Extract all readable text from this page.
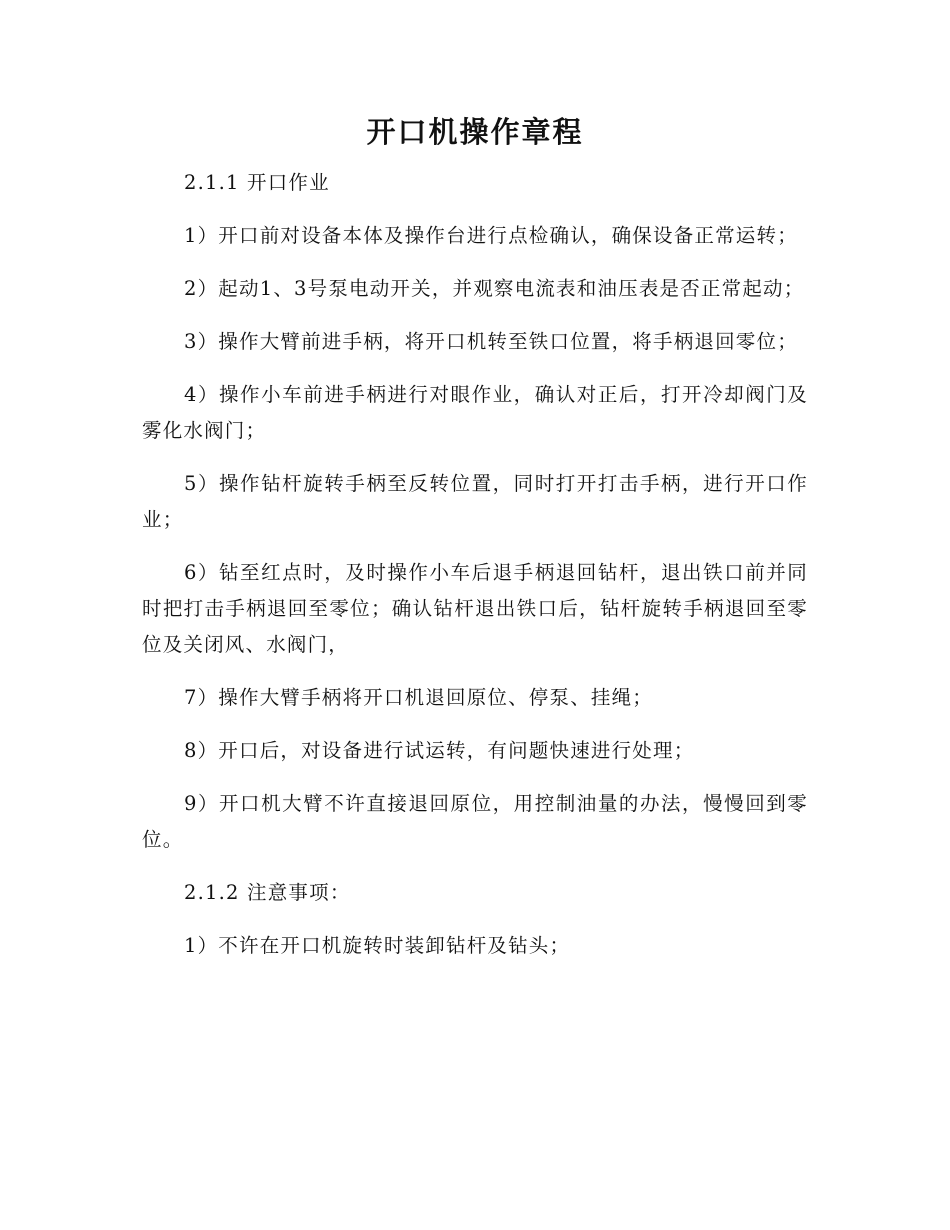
开口机操作章程

2.1.1 开口作业

1）开口前对设备本体及操作台进行点检确认，确保设备正常运转；

2）起动1、3号泵电动开关，并观察电流表和油压表是否正常起动；

3）操作大臂前进手柄，将开口机转至铁口位置，将手柄退回零位；

4）操作小车前进手柄进行对眼作业，确认对正后，打开冷却阀门及雾化水阀门；

5）操作钻杆旋转手柄至反转位置，同时打开打击手柄，进行开口作业；

6）钻至红点时，及时操作小车后退手柄退回钻杆，退出铁口前并同时把打击手柄退回至零位；确认钻杆退出铁口后，钻杆旋转手柄退回至零位及关闭风、水阀门，

7）操作大臂手柄将开口机退回原位、停泵、挂绳；

8）开口后，对设备进行试运转，有问题快速进行处理；

9）开口机大臂不许直接退回原位，用控制油量的办法，慢慢回到零位。

2.1.2 注意事项：

1）不许在开口机旋转时装卸钻杆及钻头；
